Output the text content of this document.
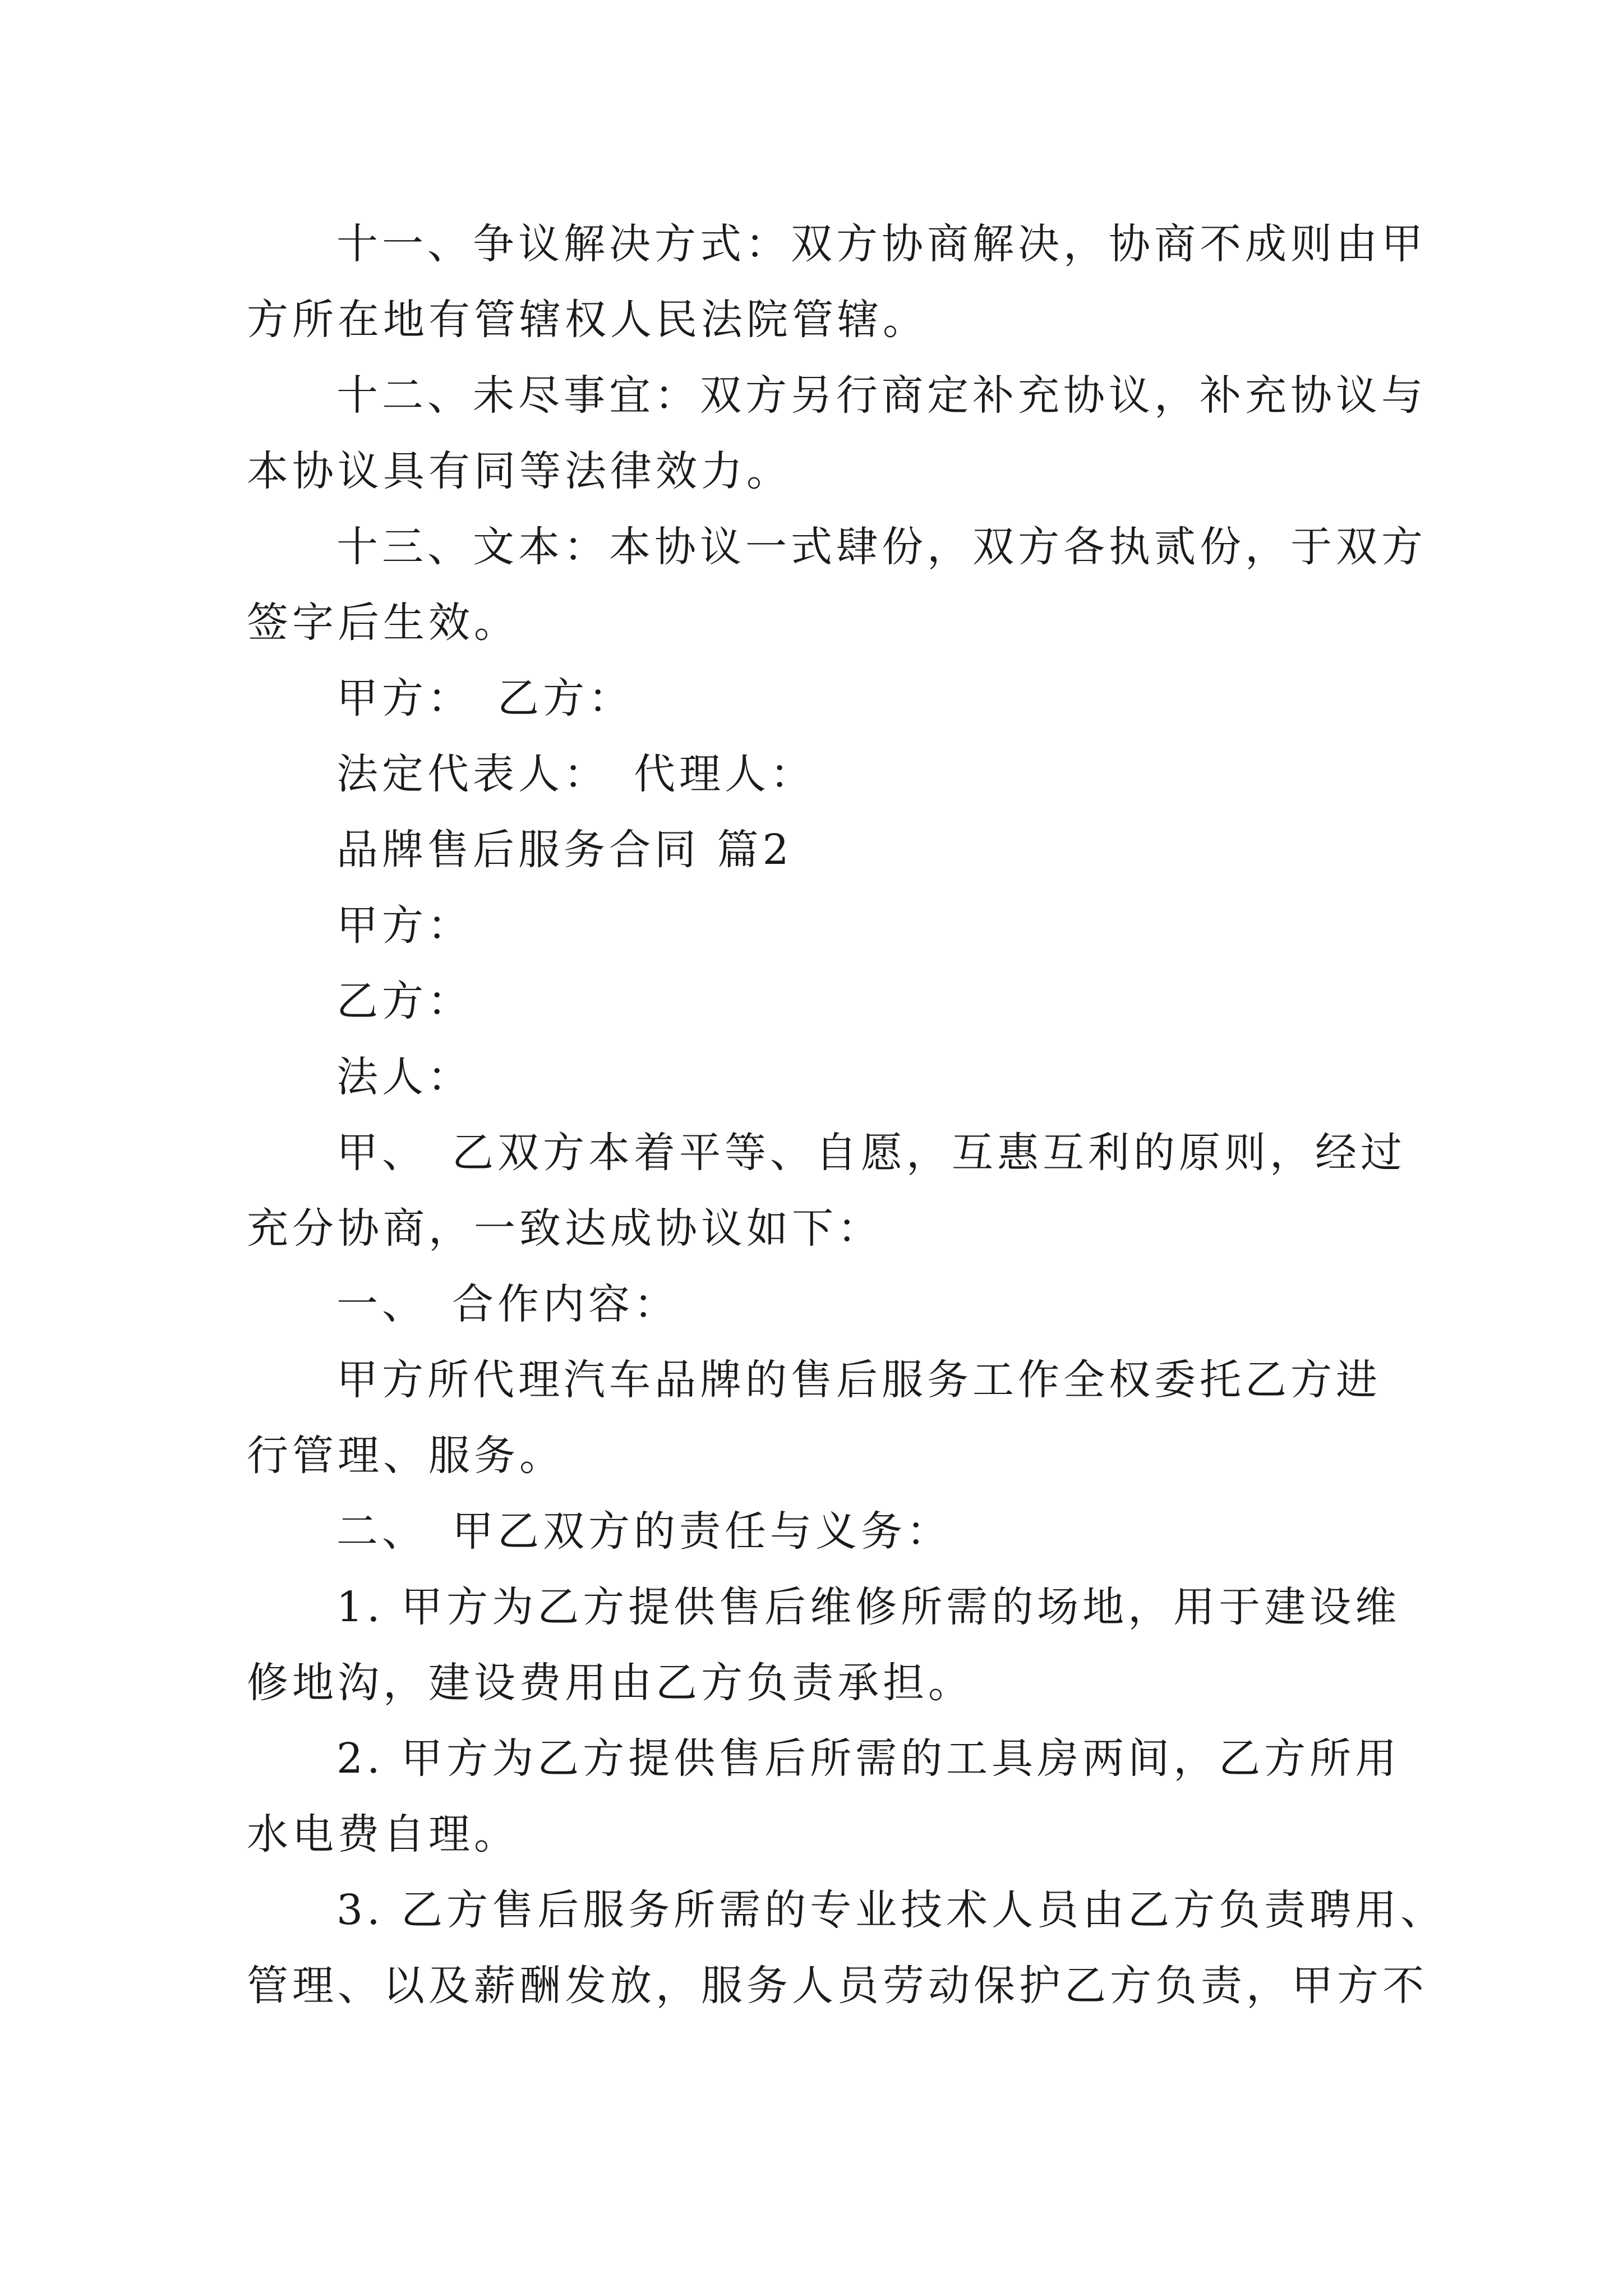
十一、争议解决方式：双方协商解决，协商不成则由甲
方所在地有管辖权人民法院管辖。
十二、未尽事宜：双方另行商定补充协议，补充协议与
本协议具有同等法律效力。
十三、文本：本协议一式肆份，双方各执贰份，于双方
签字后生效。
甲方：　乙方：
法定代表人：　代理人：
品牌售后服务合同 篇2
甲方：
乙方：
法人：
甲、　乙双方本着平等、自愿，互惠互利的原则，经过
充分协商，一致达成协议如下：
一、　合作内容：
甲方所代理汽车品牌的售后服务工作全权委托乙方进
行管理、服务。
二、　甲乙双方的责任与义务：
1. 甲方为乙方提供售后维修所需的场地，用于建设维
修地沟，建设费用由乙方负责承担。
2. 甲方为乙方提供售后所需的工具房两间，乙方所用
水电费自理。
3. 乙方售后服务所需的专业技术人员由乙方负责聘用、
管理、以及薪酬发放，服务人员劳动保护乙方负责，甲方不
